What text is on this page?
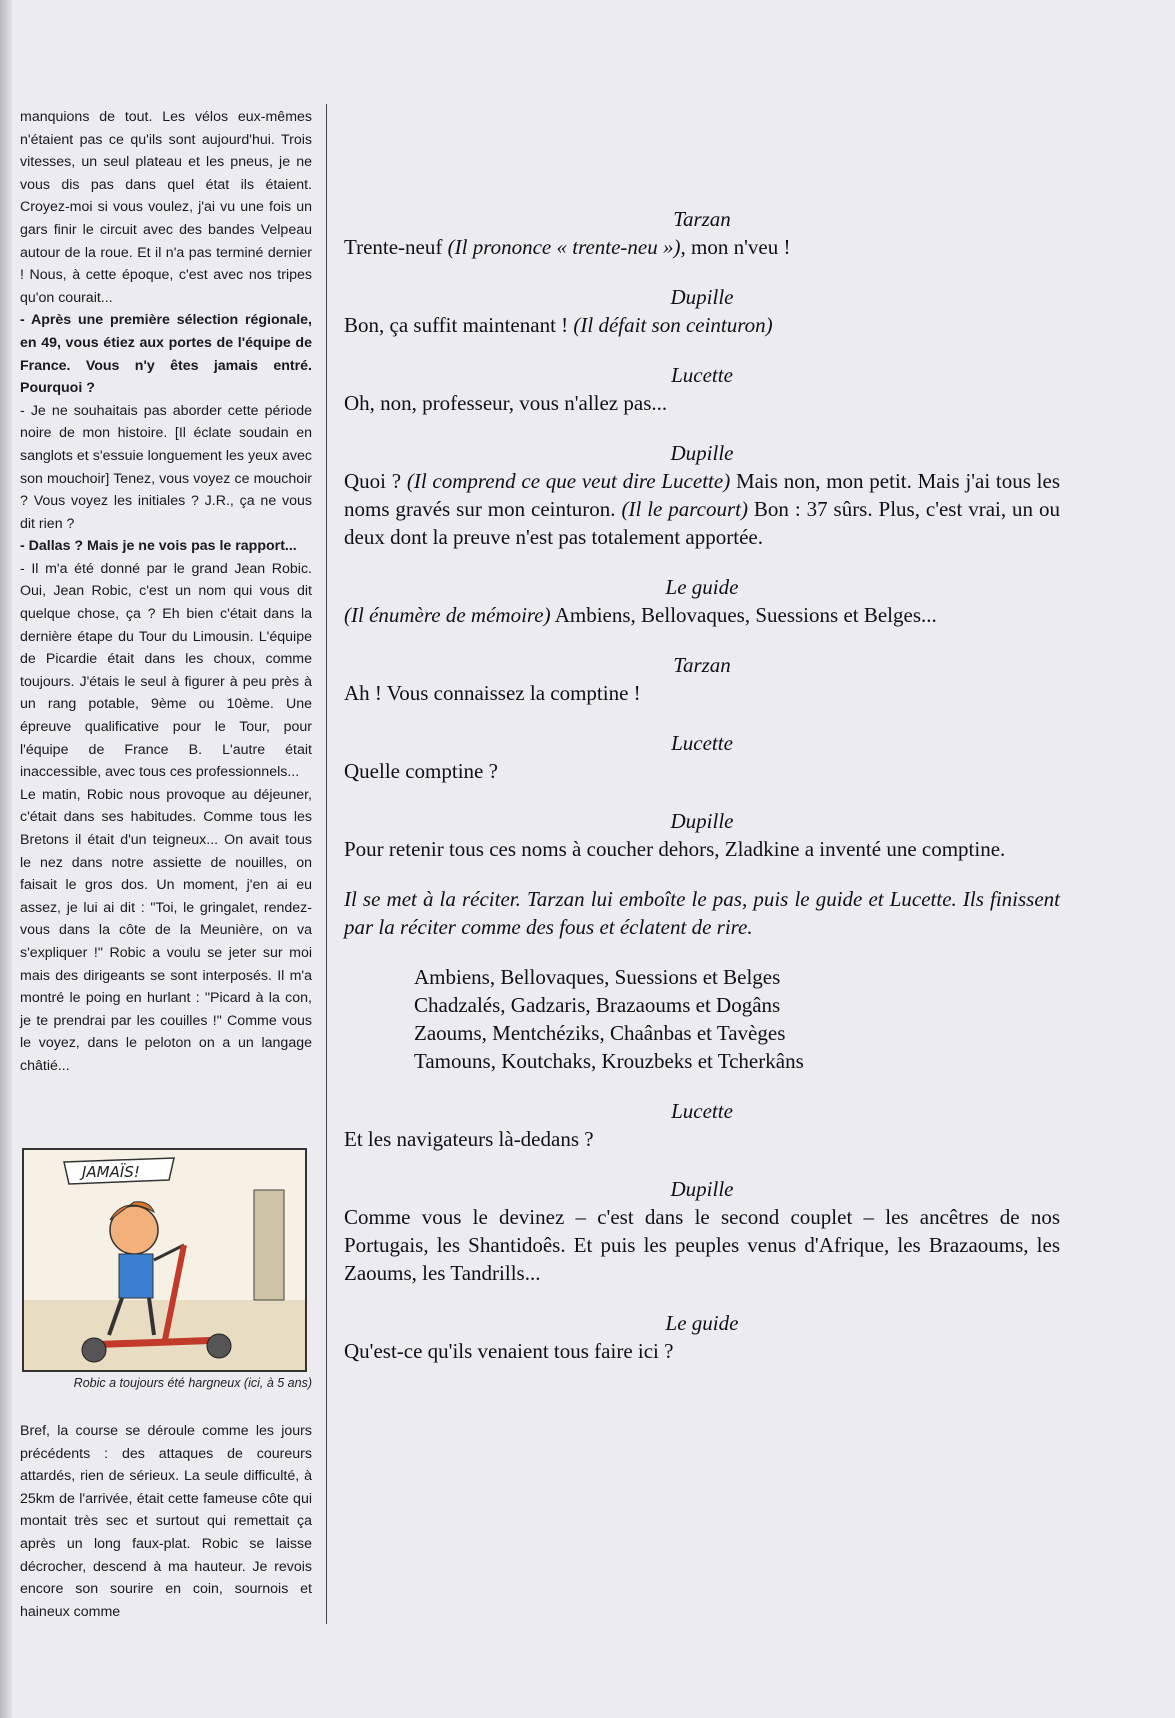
manquions de tout. Les vélos eux-mêmes n'étaient pas ce qu'ils sont aujourd'hui. Trois vitesses, un seul plateau et les pneus, je ne vous dis pas dans quel état ils étaient. Croyez-moi si vous voulez, j'ai vu une fois un gars finir le circuit avec des bandes Velpeau autour de la roue. Et il n'a pas terminé dernier ! Nous, à cette époque, c'est avec nos tripes qu'on courait...

- Après une première sélection régionale, en 49, vous étiez aux portes de l'équipe de France. Vous n'y êtes jamais entré. Pourquoi ?

- Je ne souhaitais pas aborder cette période noire de mon histoire. [Il éclate soudain en sanglots et s'essuie longuement les yeux avec son mouchoir] Tenez, vous voyez ce mouchoir ? Vous voyez les initiales ? J.R., ça ne vous dit rien ?

- Dallas ? Mais je ne vois pas le rapport...

- Il m'a été donné par le grand Jean Robic. Oui, Jean Robic, c'est un nom qui vous dit quelque chose, ça ? Eh bien c'était dans la dernière étape du Tour du Limousin. L'équipe de Picardie était dans les choux, comme toujours. J'étais le seul à figurer à peu près à un rang potable, 9ème ou 10ème. Une épreuve qualificative pour le Tour, pour l'équipe de France B. L'autre était inaccessible, avec tous ces professionnels...

Le matin, Robic nous provoque au déjeuner, c'était dans ses habitudes. Comme tous les Bretons il était d'un teigneux... On avait tous le nez dans notre assiette de nouilles, on faisait le gros dos. Un moment, j'en ai eu assez, je lui ai dit : "Toi, le gringalet, rendez-vous dans la côte de la Meunière, on va s'expliquer !" Robic a voulu se jeter sur moi mais des dirigeants se sont interposés. Il m'a montré le poing en hurlant : "Picard à la con, je te prendrai par les couilles !" Comme vous le voyez, dans le peloton on a un langage châtié...

JAMAÏS!
Robic a toujours été hargneux (ici, à 5 ans)
Bref, la course se déroule comme les jours précédents : des attaques de coureurs attardés, rien de sérieux. La seule difficulté, à 25km de l'arrivée, était cette fameuse côte qui montait très sec et surtout qui remettait ça après un long faux-plat. Robic se laisse décrocher, descend à ma hauteur. Je revois encore son sourire en coin, sournois et haineux comme

Tarzan

Trente-neuf (Il prononce « trente-neu »), mon n'veu !

Dupille

Bon, ça suffit maintenant ! (Il défait son ceinturon)

Lucette

Oh, non, professeur, vous n'allez pas...

Dupille

Quoi ? (Il comprend ce que veut dire Lucette) Mais non, mon petit. Mais j'ai tous les noms gravés sur mon ceinturon. (Il le parcourt) Bon : 37 sûrs. Plus, c'est vrai, un ou deux dont la preuve n'est pas totalement apportée.

Le guide

(Il énumère de mémoire) Ambiens, Bellovaques, Suessions et Belges...

Tarzan

Ah ! Vous connaissez la comptine !

Lucette

Quelle comptine ?

Dupille

Pour retenir tous ces noms à coucher dehors, Zladkine a inventé une comptine.

Il se met à la réciter. Tarzan lui emboîte le pas, puis le guide et Lucette. Ils finissent par la réciter comme des fous et éclatent de rire.

Ambiens, Bellovaques, Suessions et Belges

Chadzalés, Gadzaris, Brazaoums et Dogâns

Zaoums, Mentchéziks, Chaânbas et Tavèges

Tamouns, Koutchaks, Krouzbeks et Tcherkâns

Lucette

Et les navigateurs là-dedans ?

Dupille

Comme vous le devinez – c'est dans le second couplet – les ancêtres de nos Portugais, les Shantidoês. Et puis les peuples venus d'Afrique, les Brazaoums, les Zaoums, les Tandrills...

Le guide

Qu'est-ce qu'ils venaient tous faire ici ?
